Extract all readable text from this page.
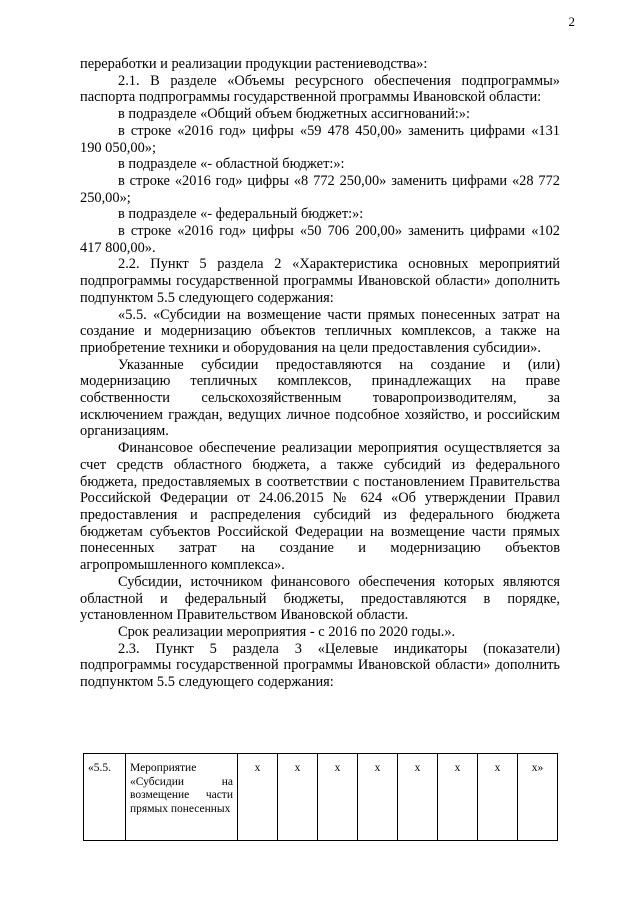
2

переработки и реализации продукции растениеводства»:

2.1. В разделе «Объемы ресурсного обеспечения подпрограммы» паспорта подпрограммы государственной программы Ивановской области:

в подразделе «Общий объем бюджетных ассигнований:»:

в строке «2016 год» цифры «59 478 450,00» заменить цифрами «131 190 050,00»;

в подразделе «- областной бюджет:»:

в строке «2016 год» цифры «8 772 250,00» заменить цифрами «28 772 250,00»;

в подразделе «- федеральный бюджет:»:

в строке «2016 год» цифры «50 706 200,00» заменить цифрами «102 417 800,00».

2.2. Пункт 5 раздела 2 «Характеристика основных мероприятий подпрограммы государственной программы Ивановской области» дополнить подпунктом 5.5 следующего содержания:

«5.5. «Субсидии на возмещение части прямых понесенных затрат на создание и модернизацию объектов тепличных комплексов, а также на приобретение техники и оборудования на цели предоставления субсидии».

Указанные субсидии предоставляются на создание и (или) модернизацию тепличных комплексов, принадлежащих на праве собственности сельскохозяйственным товаропроизводителям, за исключением граждан, ведущих личное подсобное хозяйство, и российским организациям.

Финансовое обеспечение реализации мероприятия осуществляется за счет средств областного бюджета, а также субсидий из федерального бюджета, предоставляемых в соответствии с постановлением Правительства Российской Федерации от 24.06.2015 № 624 «Об утверждении Правил предоставления и распределения субсидий из федерального бюджета бюджетам субъектов Российской Федерации на возмещение части прямых понесенных затрат на создание и модернизацию объектов агропромышленного комплекса».

Субсидии, источником финансового обеспечения которых являются областной и федеральный бюджеты, предоставляются в порядке, установленном Правительством Ивановской области.

Срок реализации мероприятия - с 2016 по 2020 годы.».

2.3. Пункт 5 раздела 3 «Целевые индикаторы (показатели) подпрограммы государственной программы Ивановской области» дополнить подпунктом 5.5 следующего содержания:

«5.5.	Мероприятие «Субсидии на возмещение части прямых понесенных	х	х	х	х	х	х	х	х»
